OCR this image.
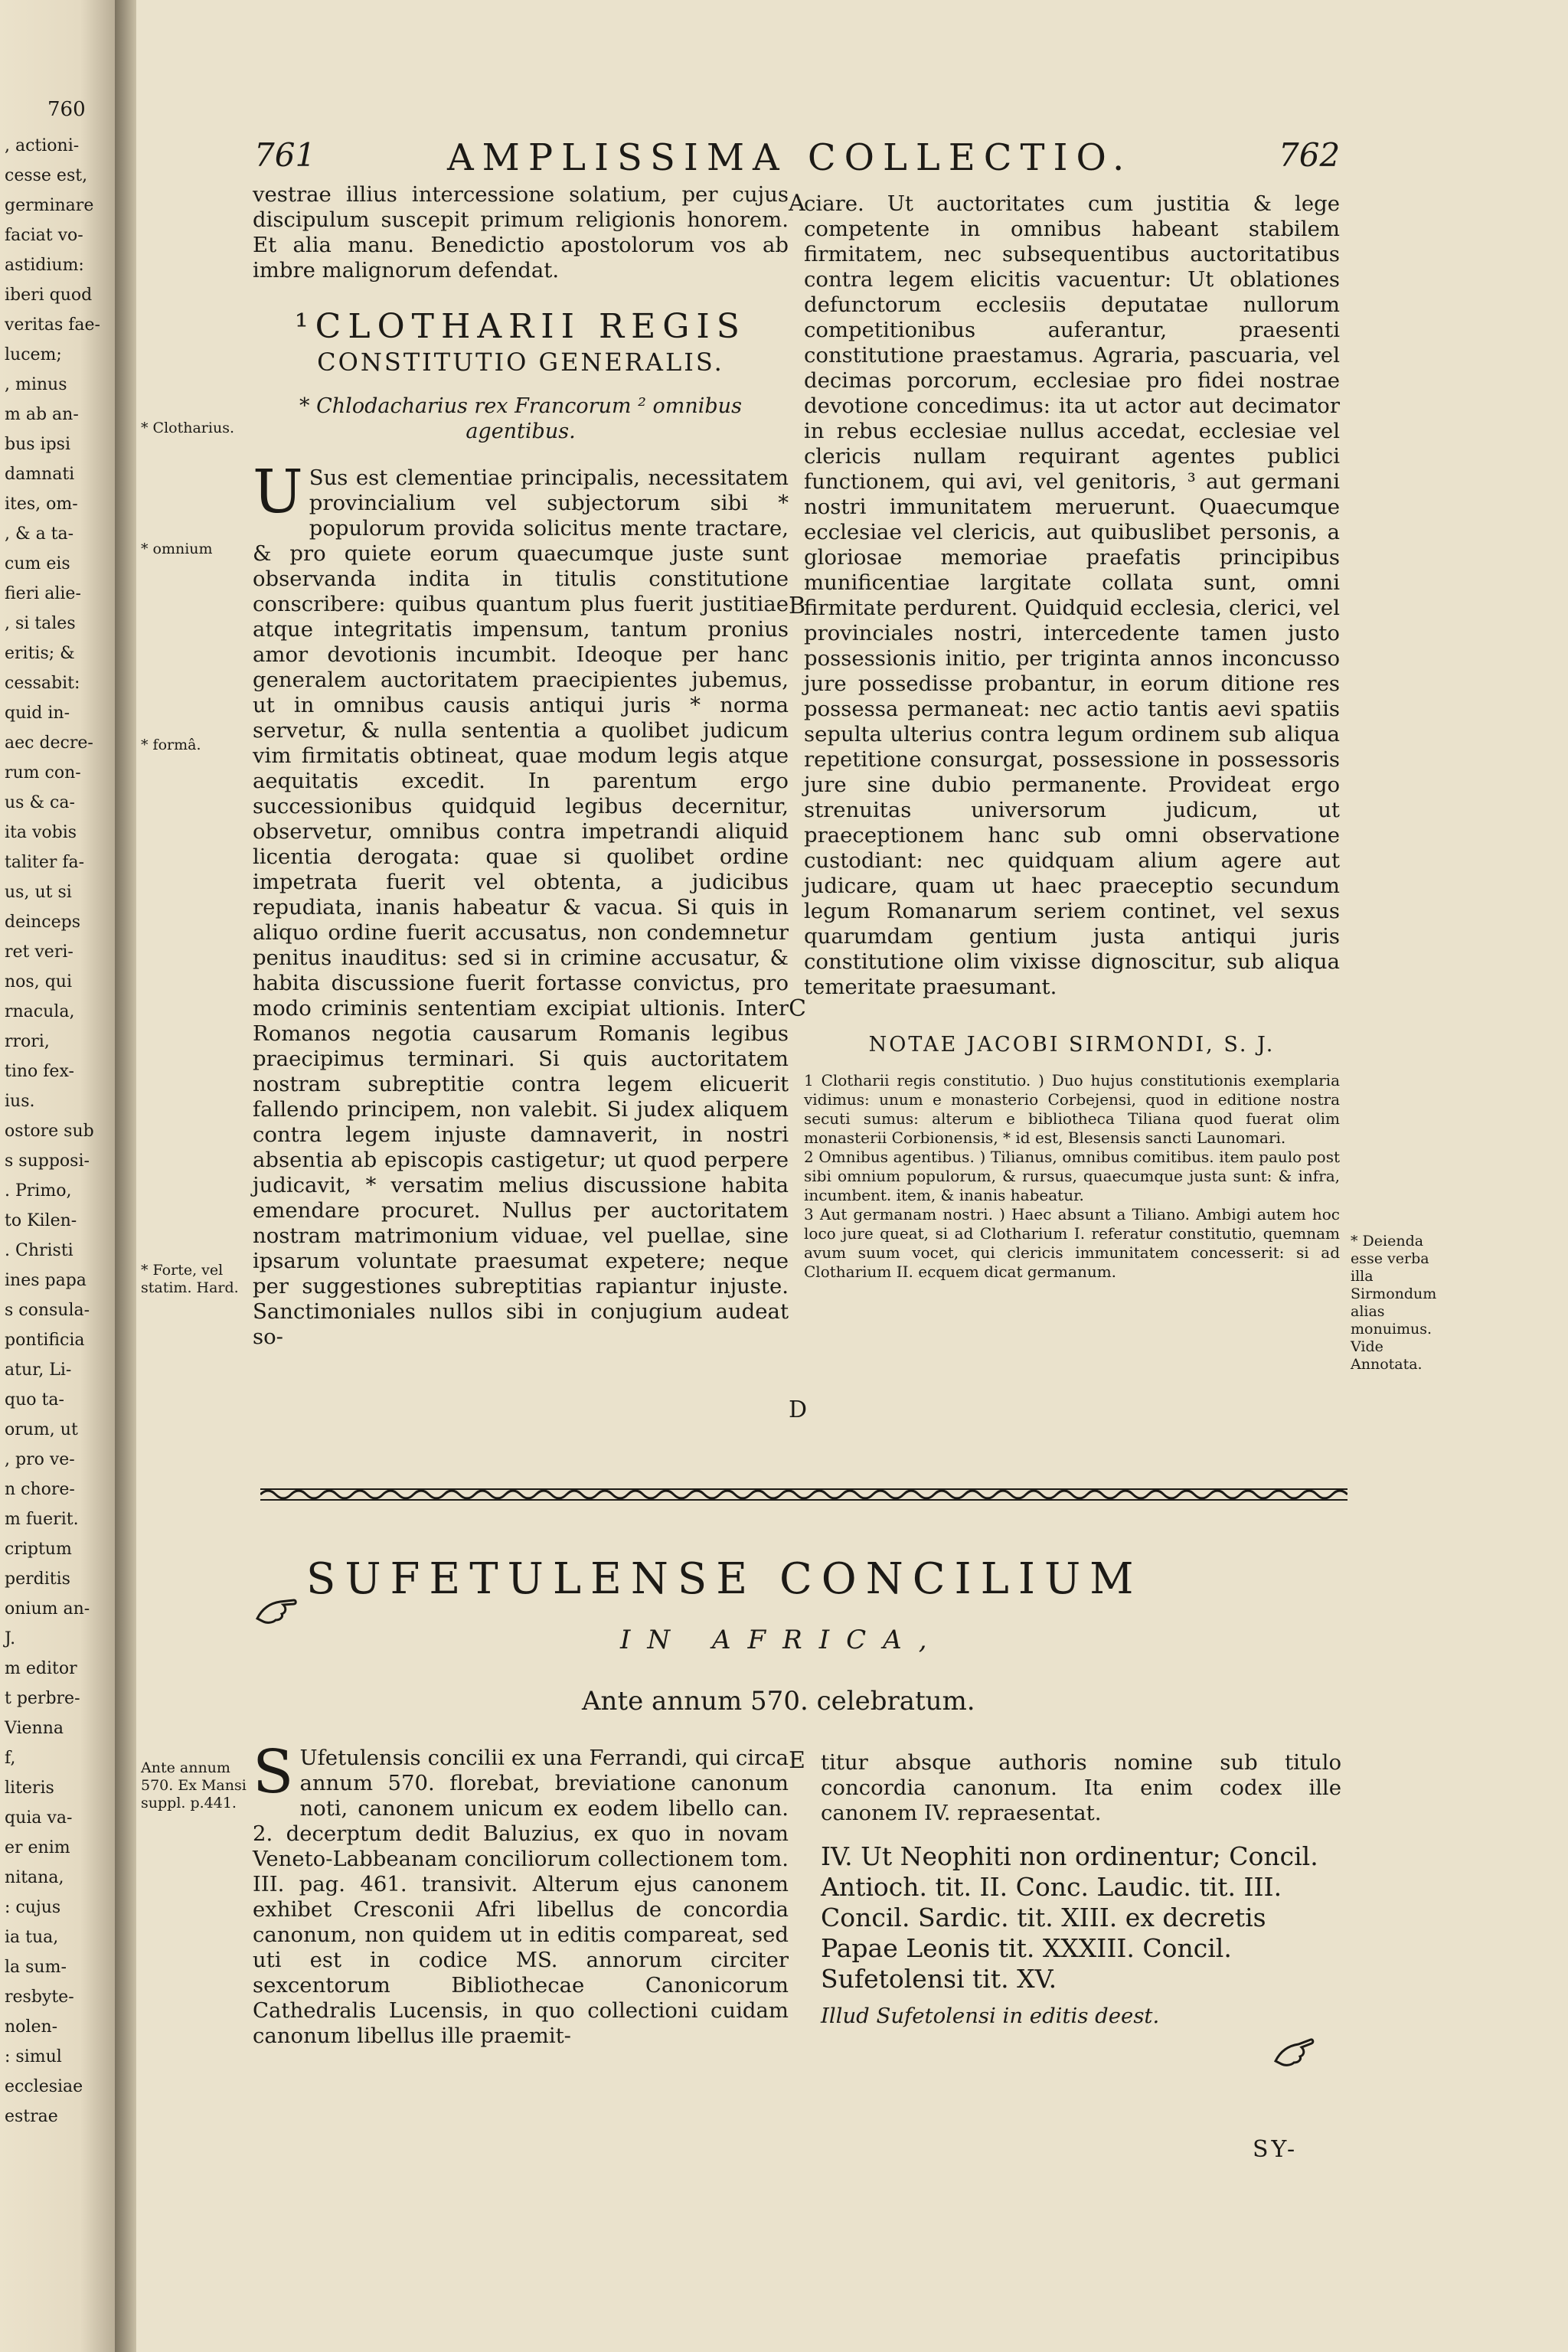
760
, actioni-
cesse est,
germinare
faciat vo-
astidium:
iberi quod
veritas fae-
lucem;
, minus
m ab an-
bus ipsi
damnati
ites, om-
, & a ta-
cum eis
fieri alie-
, si tales
eritis; &
cessabit:
quid in-
aec decre-
rum con-
us & ca-
ita vobis
taliter fa-
us, ut si
deinceps
ret veri-
nos, qui
rnacula,
rrori,
tino fex-
ius.
ostore sub
s supposi-
. Primo,
to Kilen-
. Christi
ines papa
s consula-
pontificia
atur, Li-
quo ta-
orum, ut
, pro ve-
n chore-
m fuerit.
criptum
perditis
onium an-
J.
m editor
t perbre-
Vienna
f,
literis
quia va-
er enim
nitana,
: cujus
ia tua,
la sum-
resbyte-
nolen-
: simul
ecclesiae
estrae
761	AMPLISSIMA COLLECTIO.	762

vestrae illius intercessione solatium, per cujus discipulum suscepit primum religionis honorem. Et alia manu. Benedictio apostolorum vos ab imbre malignorum defendat.

¹CLOTHARII REGIS
CONSTITUTIO GENERALIS.
* Chlodacharius rex Francorum ² omnibus agentibus.

U Sus est clementiae principalis, necessitatem provincialium vel subjectorum sibi * populorum provida solicitus mente tractare, & pro quiete eorum quaecumque juste sunt observanda indita in titulis constitutione conscribere: quibus quantum plus fuerit justitiae atque integritatis impensum, tantum pronius amor devotionis incumbit. Ideoque per hanc generalem auctoritatem praecipientes jubemus, ut in omnibus causis antiqui juris * norma servetur, & nulla sententia a quolibet judicum vim firmitatis obtineat, quae modum legis atque aequitatis excedit. In parentum ergo successionibus quidquid legibus decernitur, observetur, omnibus contra impetrandi aliquid licentia derogata: quae si quolibet ordine impetrata fuerit vel obtenta, a judicibus repudiata, inanis habeatur & vacua. Si quis in aliquo ordine fuerit accusatus, non condemnetur penitus inauditus: sed si in crimine accusatur, & habita discussione fuerit fortasse convictus, pro modo criminis sententiam excipiat ultionis. Inter Romanos negotia causarum Romanis legibus praecipimus terminari. Si quis auctoritatem nostram subreptitie contra legem elicuerit fallendo principem, non valebit. Si judex aliquem contra legem injuste damnaverit, in nostri absentia ab episcopis castigetur; ut quod perpere judicavit, * versatim melius discussione habita emendare procuret. Nullus per auctoritatem nostram matrimonium viduae, vel puellae, sine ipsarum voluntate praesumat expetere; neque per suggestiones subreptitias rapiantur injuste. Sanctimoniales nullos sibi in conjugium audeat so-

ciare. Ut auctoritates cum justitia & lege competente in omnibus habeant stabilem firmitatem, nec subsequentibus auctoritatibus contra legem elicitis vacuentur: Ut oblationes defunctorum ecclesiis deputatae nullorum competitionibus auferantur, praesenti constitutione praestamus. Agraria, pascuaria, vel decimas porcorum, ecclesiae pro fidei nostrae devotione concedimus: ita ut actor aut decimator in rebus ecclesiae nullus accedat, ecclesiae vel clericis nullam requirant agentes publici functionem, qui avi, vel genitoris, ³ aut germani nostri immunitatem meruerunt. Quaecumque ecclesiae vel clericis, aut quibuslibet personis, a gloriosae memoriae praefatis principibus munificentiae largitate collata sunt, omni firmitate perdurent. Quidquid ecclesia, clerici, vel provinciales nostri, intercedente tamen justo possessionis initio, per triginta annos inconcusso jure possedisse probantur, in eorum ditione res possessa permaneat: nec actio tantis aevi spatiis sepulta ulterius contra legum ordinem sub aliqua repetitione consurgat, possessione in possessoris jure sine dubio permanente. Provideat ergo strenuitas universorum judicum, ut praeceptionem hanc sub omni observatione custodiant: nec quidquam alium agere aut judicare, quam ut haec praeceptio secundum legum Romanarum seriem continet, vel sexus quarumdam gentium justa antiqui juris constitutione olim vixisse dignoscitur, sub aliqua temeritate praesumant.

NOTAE JACOBI SIRMONDI, S. J.

1 Clotharii regis constitutio. ) Duo hujus constitutionis exemplaria vidimus: unum e monasterio Corbejensi, quod in editione nostra secuti sumus: alterum e bibliotheca Tiliana quod fuerat olim monasterii Corbionensis, * id est, Blesensis sancti Launomari.

2 Omnibus agentibus. ) Tilianus, omnibus comitibus. item paulo post sibi omnium populorum, & rursus, quaecumque justa sunt: & infra, incumbent. item, & inanis habeatur.

3 Aut germanam nostri. ) Haec absunt a Tiliano. Ambigi autem hoc loco jure queat, si ad Clotharium I. referatur constitutio, quemnam avum suum vocet, qui clericis immunitatem concesserit: si ad Clotharium II. ecquem dicat germanum.

* Clotharius.
* omnium
* formâ.
* Forte, vel statim. Hard.
Ante annum 570. Ex Mansi suppl. p.441.
* Deienda esse verba illa Sirmondum alias monuimus. Vide Annotata.
A
B
C
D
E
SUFETULENSE CONCILIUM
IN AFRICA,
Ante annum 570. celebratum.

S Ufetulensis concilii ex una Ferrandi, qui circa annum 570. florebat, breviatione canonum noti, canonem unicum ex eodem libello can. 2. decerptum dedit Baluzius, ex quo in novam Veneto-Labbeanam conciliorum collectionem tom. III. pag. 461. transivit. Alterum ejus canonem exhibet Cresconii Afri libellus de concordia canonum, non quidem ut in editis compareat, sed uti est in codice MS. annorum circiter sexcentorum Bibliothecae Canonicorum Cathedralis Lucensis, in quo collectioni cuidam canonum libellus ille praemit-

titur absque authoris nomine sub titulo concordia canonum. Ita enim codex ille canonem IV. repraesentat.

IV. Ut Neophiti non ordinentur; Concil. Antioch. tit. II. Conc. Laudic. tit. III. Concil. Sardic. tit. XIII. ex decretis Papae Leonis tit. XXXIII. Concil. Sufetolensi tit. XV.

Illud Sufetolensi in editis deest.

SY-
